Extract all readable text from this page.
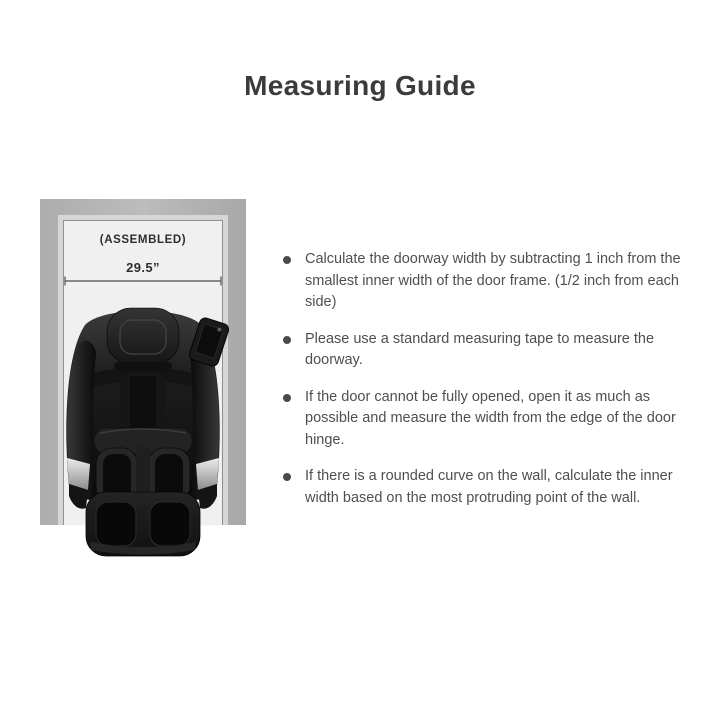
Measuring Guide
(ASSEMBLED)
29.5”
Calculate the doorway width by subtracting 1 inch from the smallest inner width of the door frame. (1/2 inch from each side)
Please use a standard measuring tape to measure the doorway.
If the door cannot be fully opened, open it as much as possible and measure the width from the edge of the door hinge.
If there is a rounded curve on the wall, calculate the inner width based on the most protruding point of the wall.
